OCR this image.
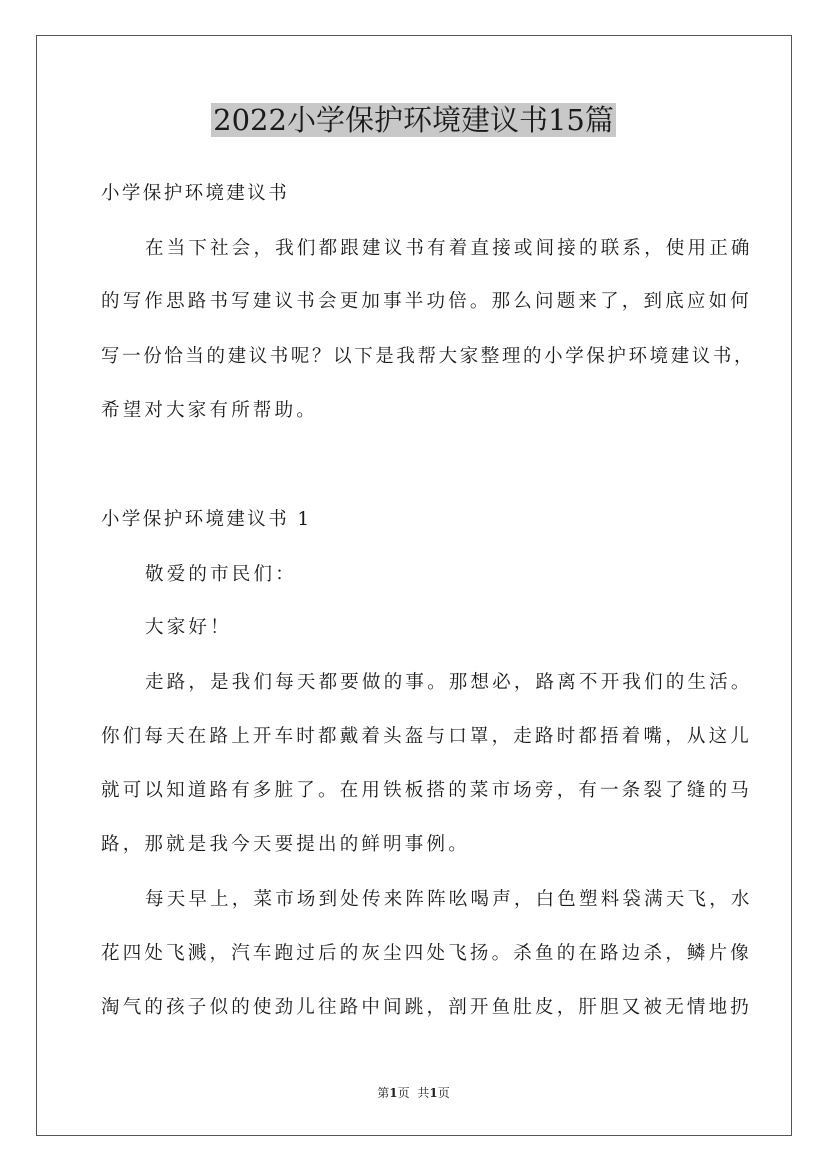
2022小学保护环境建议书15篇
小学保护环境建议书
在当下社会，我们都跟建议书有着直接或间接的联系，使用正确
的写作思路书写建议书会更加事半功倍。那么问题来了，到底应如何
写一份恰当的建议书呢？以下是我帮大家整理的小学保护环境建议书，
希望对大家有所帮助。
小学保护环境建议书 1
敬爱的市民们：
大家好！
走路，是我们每天都要做的事。那想必，路离不开我们的生活。
你们每天在路上开车时都戴着头盔与口罩，走路时都捂着嘴，从这儿
就可以知道路有多脏了。在用铁板搭的菜市场旁，有一条裂了缝的马
路，那就是我今天要提出的鲜明事例。
每天早上，菜市场到处传来阵阵吆喝声，白色塑料袋满天飞，水
花四处飞溅，汽车跑过后的灰尘四处飞扬。杀鱼的在路边杀，鳞片像
淘气的孩子似的使劲儿往路中间跳，剖开鱼肚皮，肝胆又被无情地扔
第1页 共1页
